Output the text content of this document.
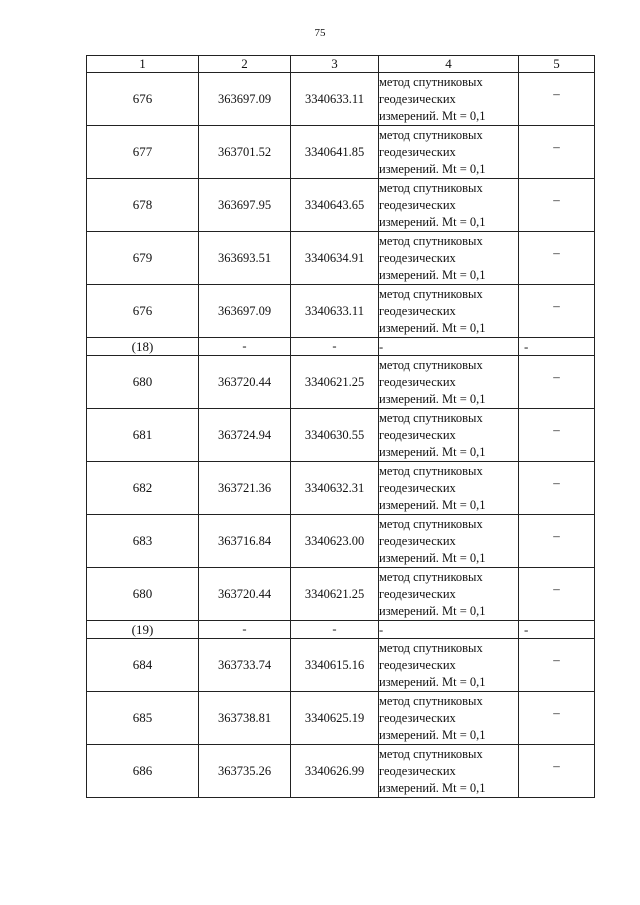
75
1	2	3	4	5
676	363697.09	3340633.11	метод спутниковых
геодезических
измерений. Mt = 0,1	–
677	363701.52	3340641.85	метод спутниковых
геодезических
измерений. Mt = 0,1	–
678	363697.95	3340643.65	метод спутниковых
геодезических
измерений. Mt = 0,1	–
679	363693.51	3340634.91	метод спутниковых
геодезических
измерений. Mt = 0,1	–
676	363697.09	3340633.11	метод спутниковых
геодезических
измерений. Mt = 0,1	–
(18)	-	-	-	-
680	363720.44	3340621.25	метод спутниковых
геодезических
измерений. Mt = 0,1	–
681	363724.94	3340630.55	метод спутниковых
геодезических
измерений. Mt = 0,1	–
682	363721.36	3340632.31	метод спутниковых
геодезических
измерений. Mt = 0,1	–
683	363716.84	3340623.00	метод спутниковых
геодезических
измерений. Mt = 0,1	–
680	363720.44	3340621.25	метод спутниковых
геодезических
измерений. Mt = 0,1	–
(19)	-	-	-	-
684	363733.74	3340615.16	метод спутниковых
геодезических
измерений. Mt = 0,1	–
685	363738.81	3340625.19	метод спутниковых
геодезических
измерений. Mt = 0,1	–
686	363735.26	3340626.99	метод спутниковых
геодезических
измерений. Mt = 0,1	–
